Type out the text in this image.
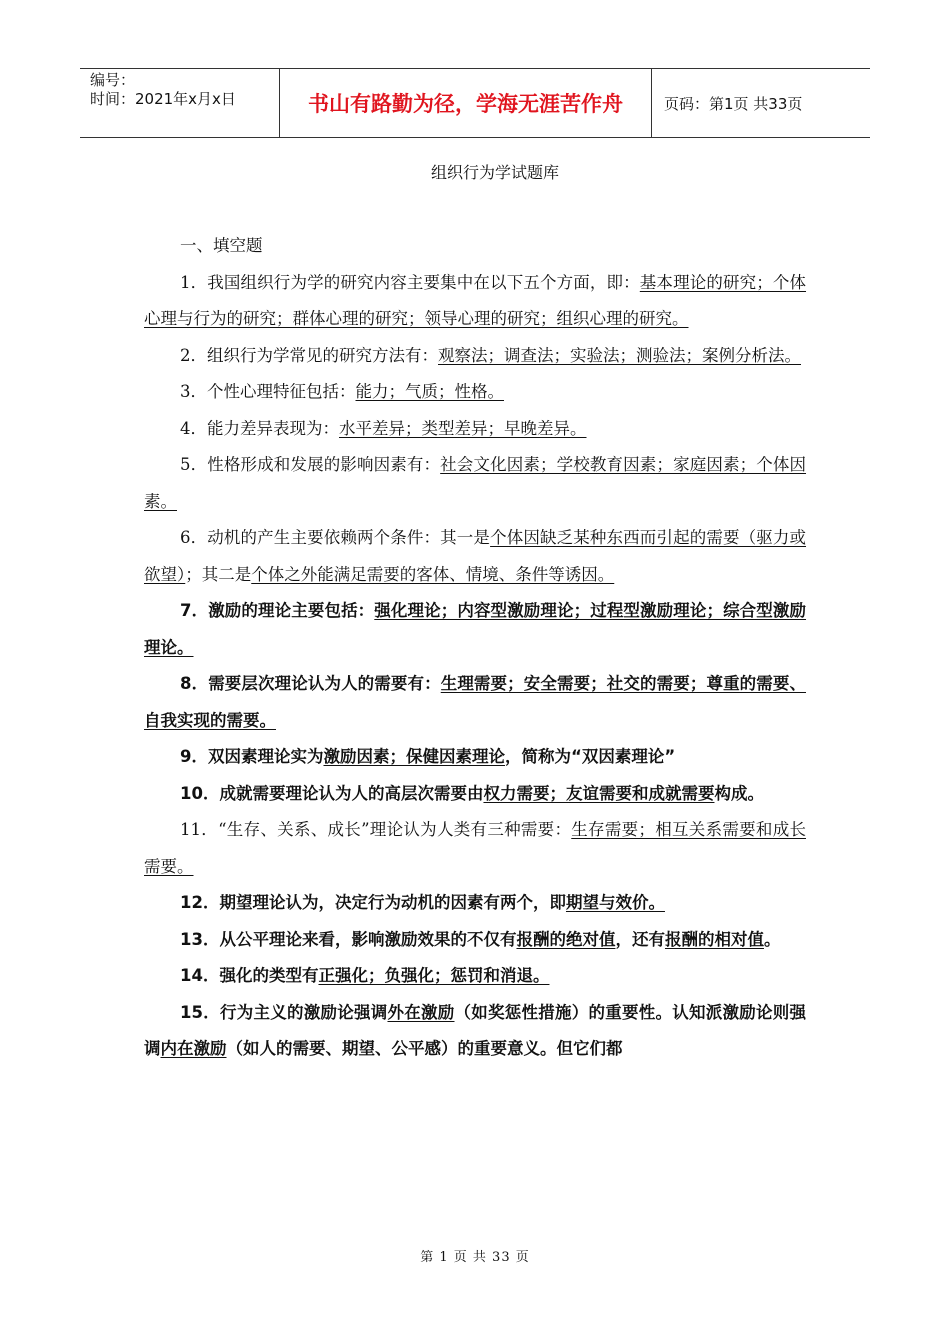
编号：
时间：2021年x月x日	书山有路勤为径，学海无涯苦作舟	页码：第1页 共33页
组织行为学试题库
一、填空题

1．我国组织行为学的研究内容主要集中在以下五个方面，即：基本理论的研究；个体心理与行为的研究；群体心理的研究；领导心理的研究；组织心理的研究。

2．组织行为学常见的研究方法有：观察法；调查法；实验法；测验法；案例分析法。

3．个性心理特征包括：能力；气质；性格。

4．能力差异表现为：水平差异；类型差异；早晚差异。

5．性格形成和发展的影响因素有：社会文化因素；学校教育因素；家庭因素；个体因素。

6．动机的产生主要依赖两个条件：其一是个体因缺乏某种东西而引起的需要（驱力或欲望）；其二是个体之外能满足需要的客体、情境、条件等诱因。

7．激励的理论主要包括：强化理论；内容型激励理论；过程型激励理论；综合型激励理论。

8．需要层次理论认为人的需要有：生理需要；安全需要；社交的需要；尊重的需要、自我实现的需要。

9．双因素理论实为激励因素；保健因素理论，简称为“双因素理论”

10．成就需要理论认为人的高层次需要由权力需要；友谊需要和成就需要构成。

11．“生存、关系、成长”理论认为人类有三种需要：生存需要；相互关系需要和成长需要。

12．期望理论认为，决定行为动机的因素有两个，即期望与效价。

13．从公平理论来看，影响激励效果的不仅有报酬的绝对值，还有报酬的相对值。

14．强化的类型有正强化；负强化；惩罚和消退。

15．行为主义的激励论强调外在激励（如奖惩性措施）的重要性。认知派激励论则强调内在激励（如人的需要、期望、公平感）的重要意义。但它们都

第 1 页 共 33 页
